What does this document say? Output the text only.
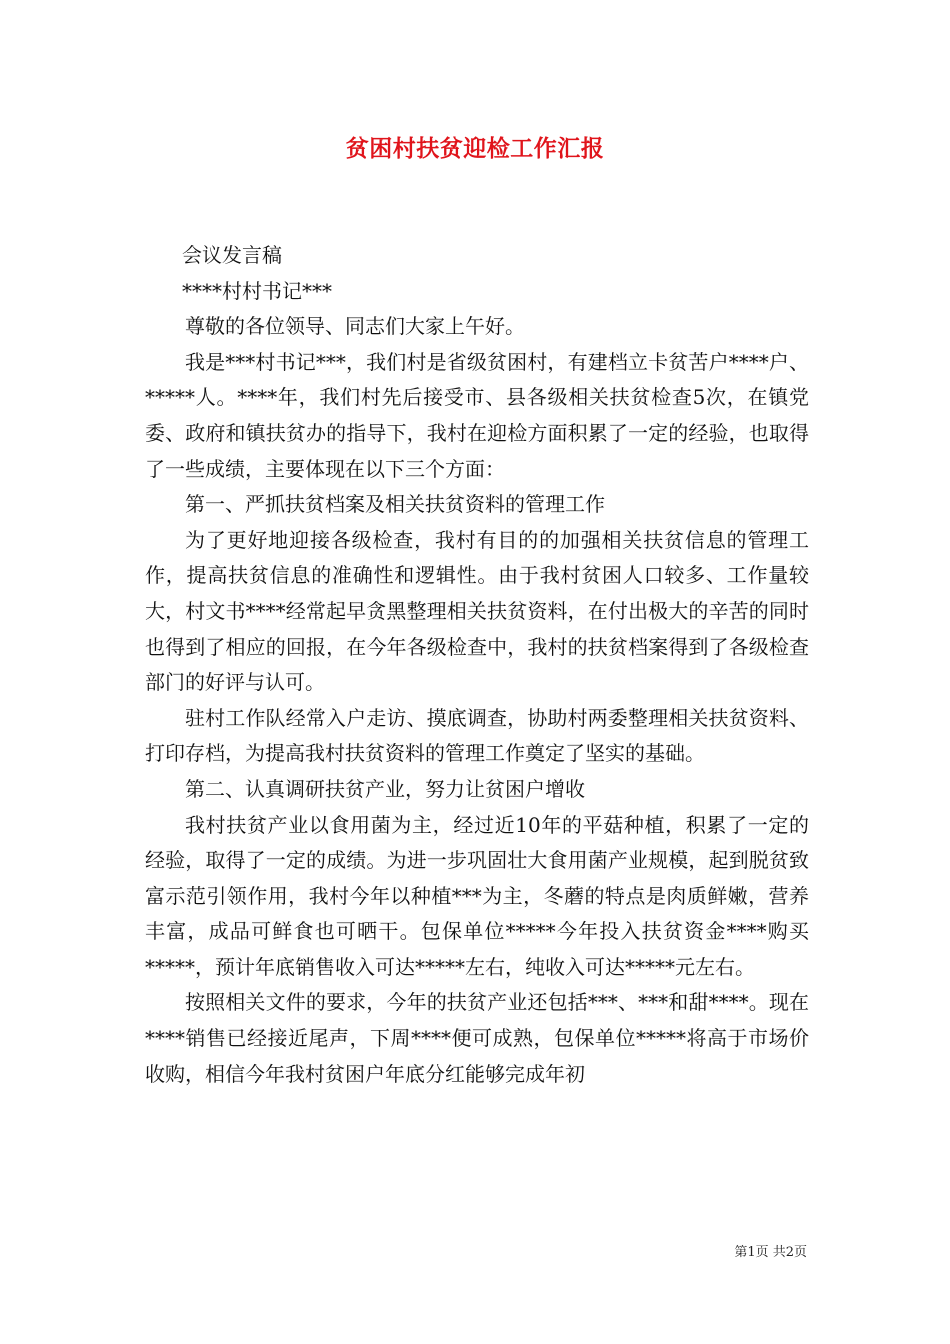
贫困村扶贫迎检工作汇报

会议发言稿

****村村书记***

尊敬的各位领导、同志们大家上午好。

我是***村书记***，我们村是省级贫困村，有建档立卡贫苦户****户、*****人。****年，我们村先后接受市、县各级相关扶贫检查5次，在镇党委、政府和镇扶贫办的指导下，我村在迎检方面积累了一定的经验，也取得了一些成绩，主要体现在以下三个方面：

第一、严抓扶贫档案及相关扶贫资料的管理工作

为了更好地迎接各级检查，我村有目的的加强相关扶贫信息的管理工作，提高扶贫信息的准确性和逻辑性。由于我村贫困人口较多、工作量较大，村文书****经常起早贪黑整理相关扶贫资料，在付出极大的辛苦的同时也得到了相应的回报，在今年各级检查中，我村的扶贫档案得到了各级检查部门的好评与认可。

驻村工作队经常入户走访、摸底调查，协助村两委整理相关扶贫资料、打印存档，为提高我村扶贫资料的管理工作奠定了坚实的基础。

第二、认真调研扶贫产业，努力让贫困户增收

我村扶贫产业以食用菌为主，经过近10年的平菇种植，积累了一定的经验，取得了一定的成绩。为进一步巩固壮大食用菌产业规模，起到脱贫致富示范引领作用，我村今年以种植***为主，冬蘑的特点是肉质鲜嫩，营养丰富，成品可鲜食也可晒干。包保单位*****今年投入扶贫资金****购买*****，预计年底销售收入可达*****左右，纯收入可达*****元左右。

按照相关文件的要求，今年的扶贫产业还包括***、***和甜****。现在****销售已经接近尾声，下周****便可成熟，包保单位*****将高于市场价收购，相信今年我村贫困户年底分红能够完成年初

第1页 共2页
